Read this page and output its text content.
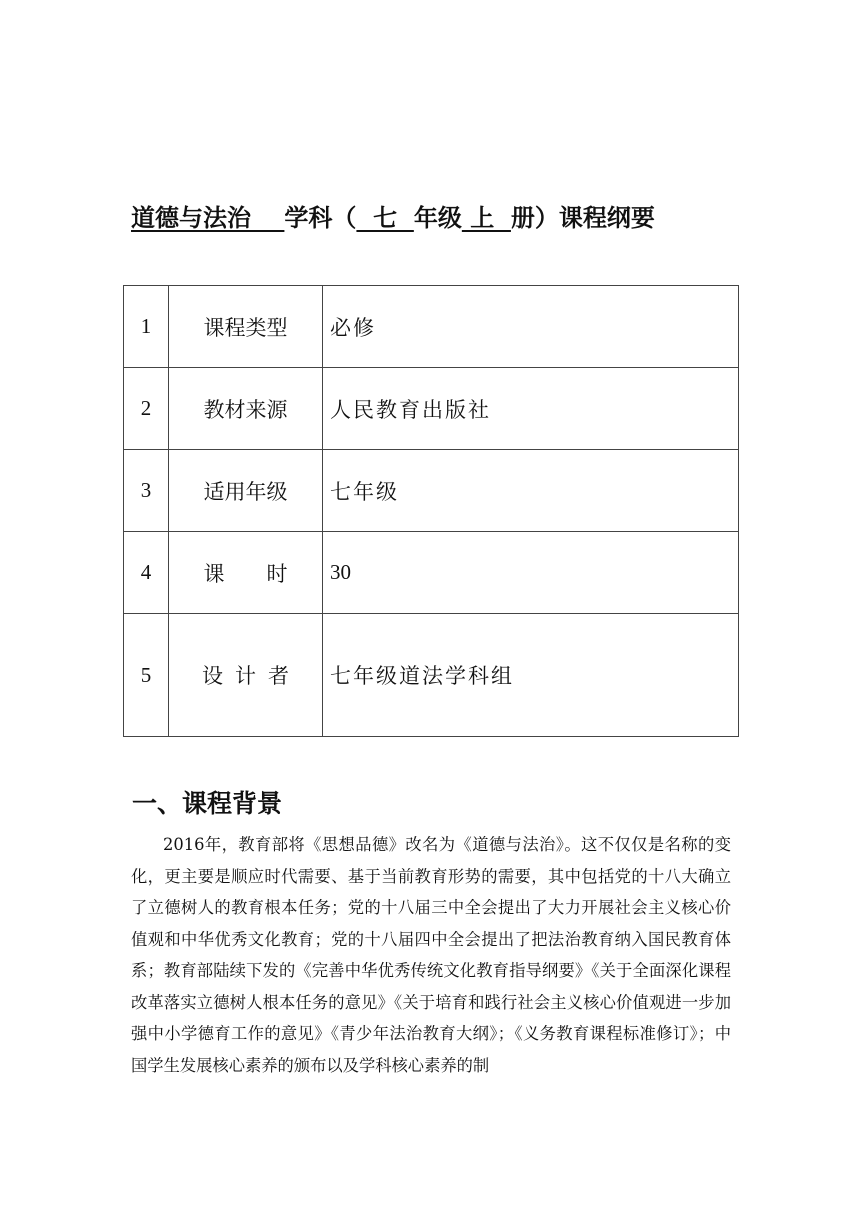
道德与法治 学科（  七  年级 上  册）课程纲要
1	课程类型	必修
2	教材来源	人民教育出版社
3	适用年级	七年级
4	课时	30
5	设计者	七年级道法学科组
一、课程背景
2016年，教育部将《思想品德》改名为《道德与法治》。这不仅仅是名称的变化，更主要是顺应时代需要、基于当前教育形势的需要，其中包括党的十八大确立了立德树人的教育根本任务；党的十八届三中全会提出了大力开展社会主义核心价值观和中华优秀文化教育；党的十八届四中全会提出了把法治教育纳入国民教育体系；教育部陆续下发的《完善中华优秀传统文化教育指导纲要》《关于全面深化课程改革落实立德树人根本任务的意见》《关于培育和践行社会主义核心价值观进一步加强中小学德育工作的意见》《青少年法治教育大纲》；《义务教育课程标准修订》；中国学生发展核心素养的颁布以及学科核心素养的制
